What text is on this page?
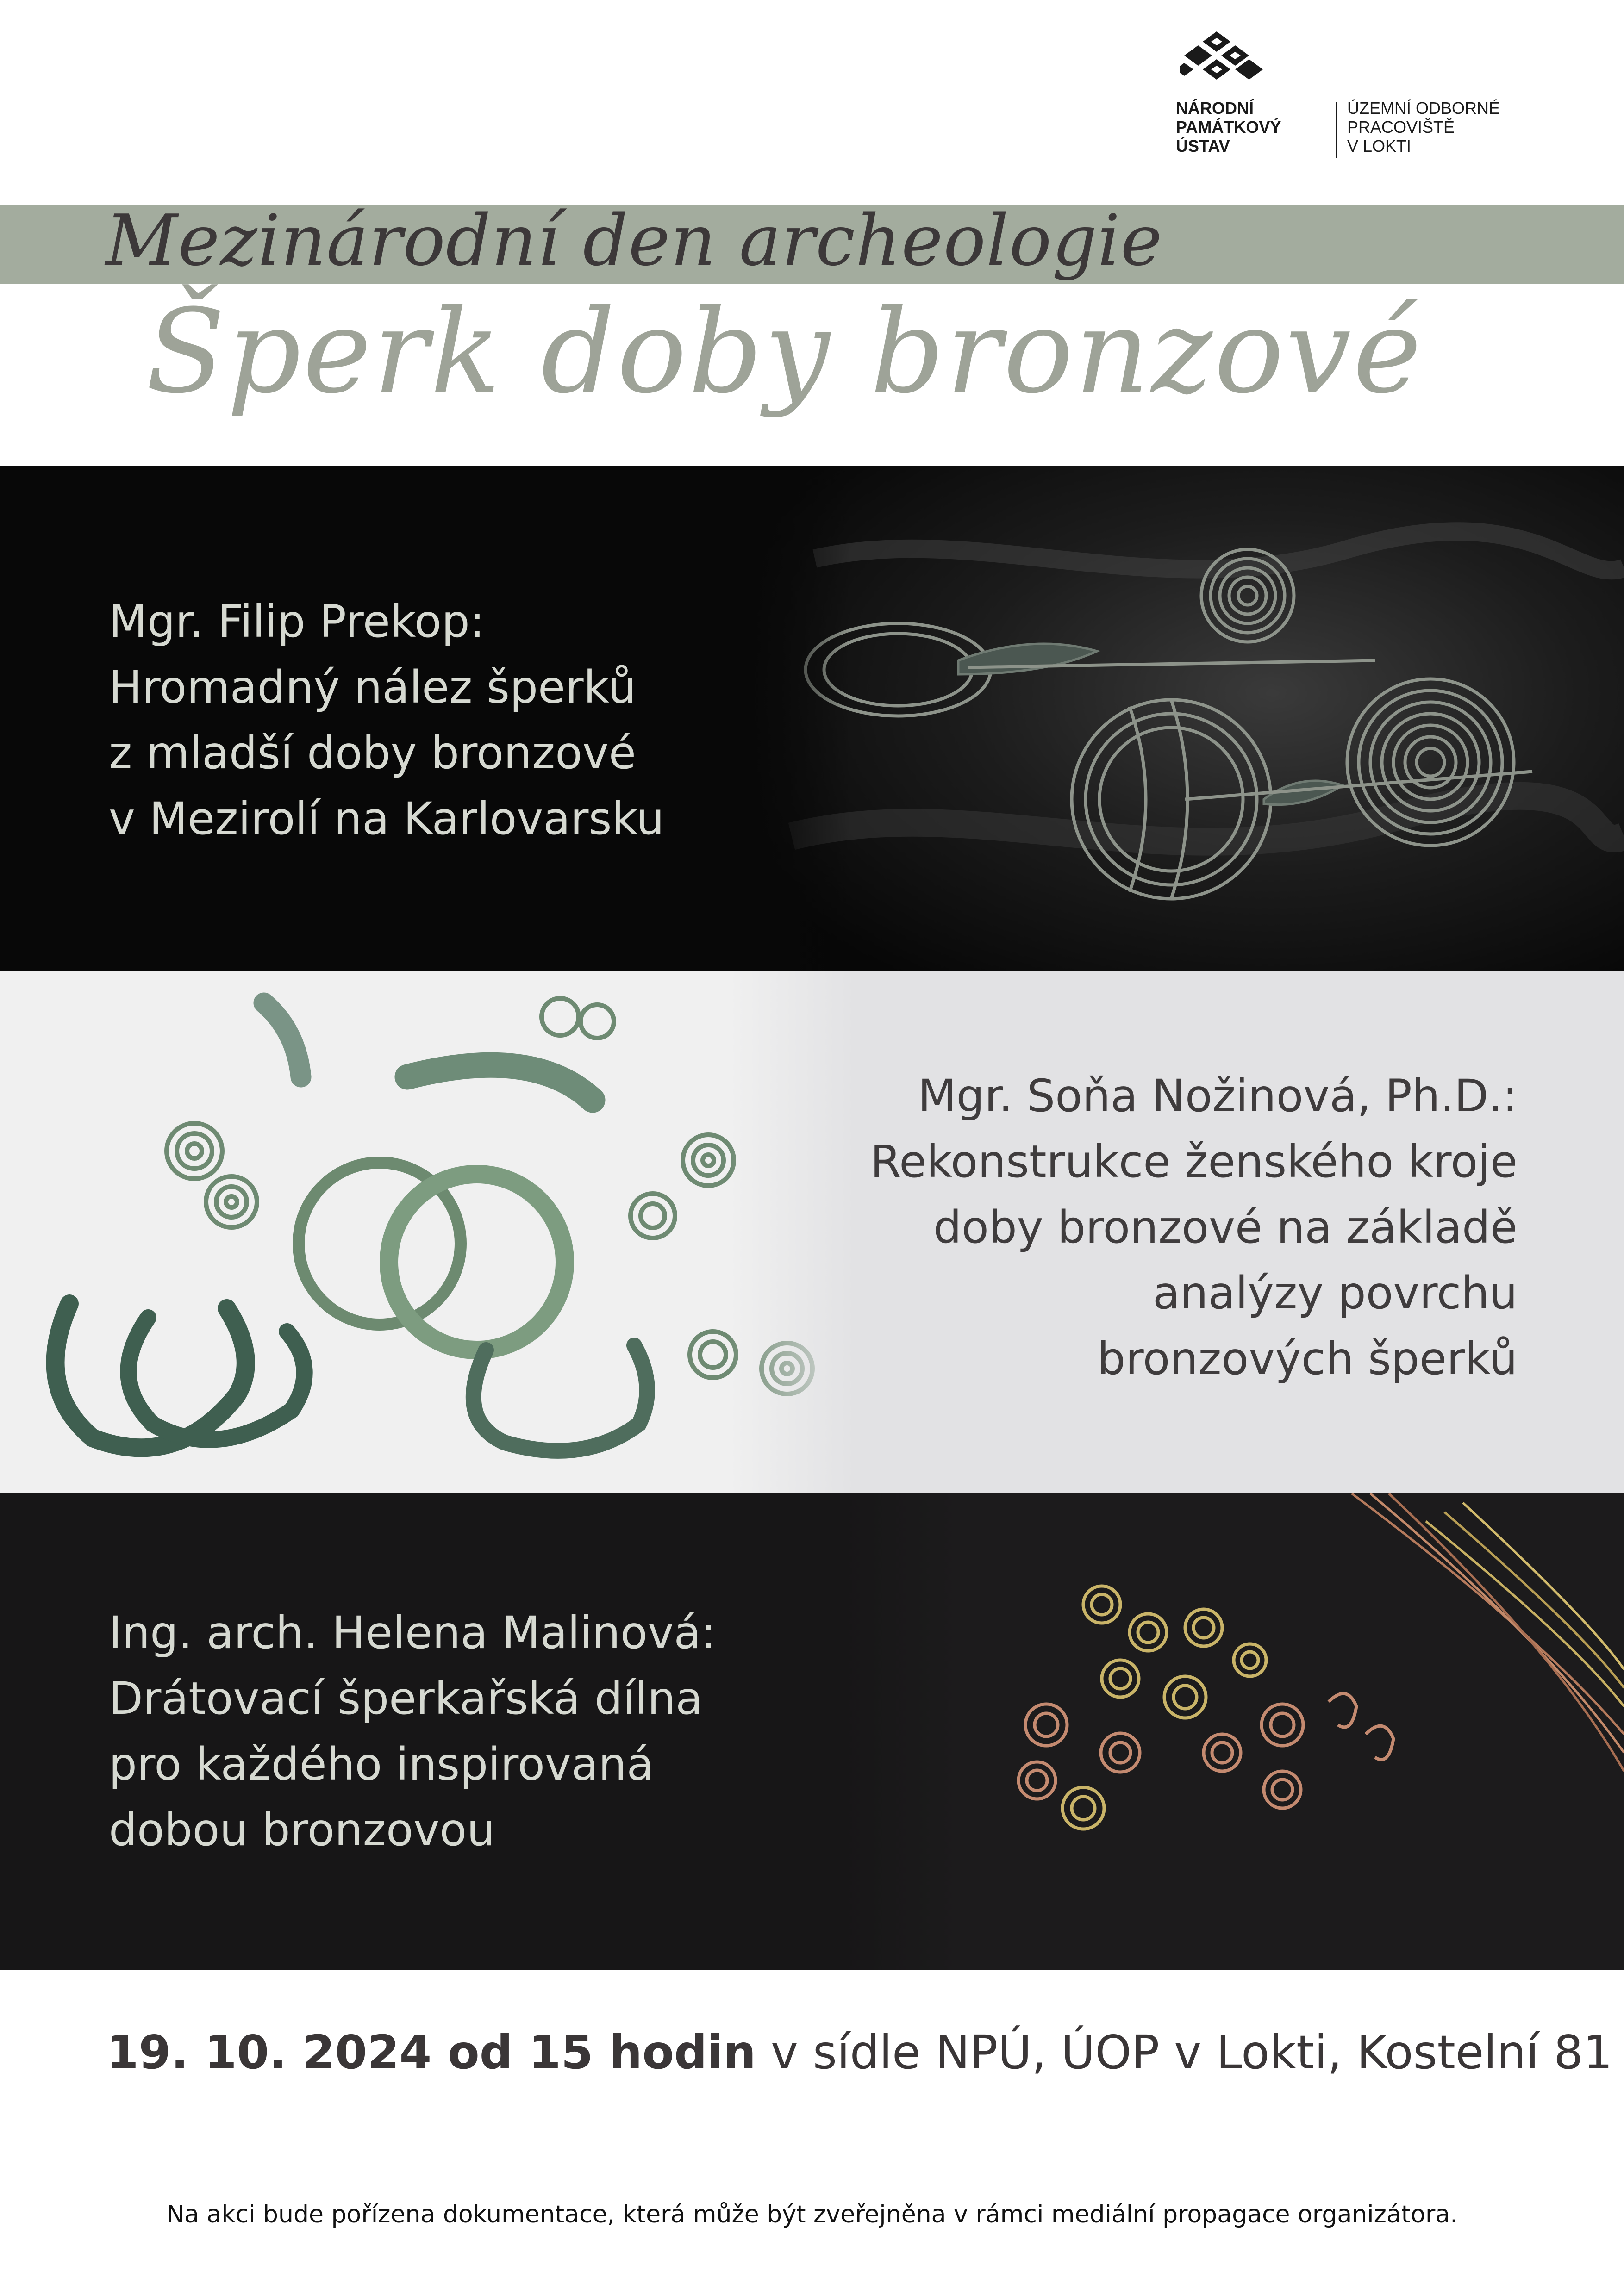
NÁRODNÍ
PAMÁTKOVÝ
ÚSTAV
ÚZEMNÍ ODBORNÉ
PRACOVIŠTĚ
V LOKTI
Mezinárodní den archeologie
Šperk doby bronzové
Mgr. Filip Prekop:
Hromadný nález šperků
z mladší doby bronzové
v Mezirolí na Karlovarsku
Mgr. Soňa Nožinová, Ph.D.:
Rekonstrukce ženského kroje
doby bronzové na základě
analýzy povrchu
bronzových šperků
Ing. arch. Helena Malinová:
Drátovací šperkařská dílna
pro každého inspirovaná
dobou bronzovou
19. 10. 2024 od 15 hodin v sídle NPÚ, ÚOP v Lokti, Kostelní 81
Na akci bude pořízena dokumentace, která může být zveřejněna v rámci mediální propagace organizátora.
